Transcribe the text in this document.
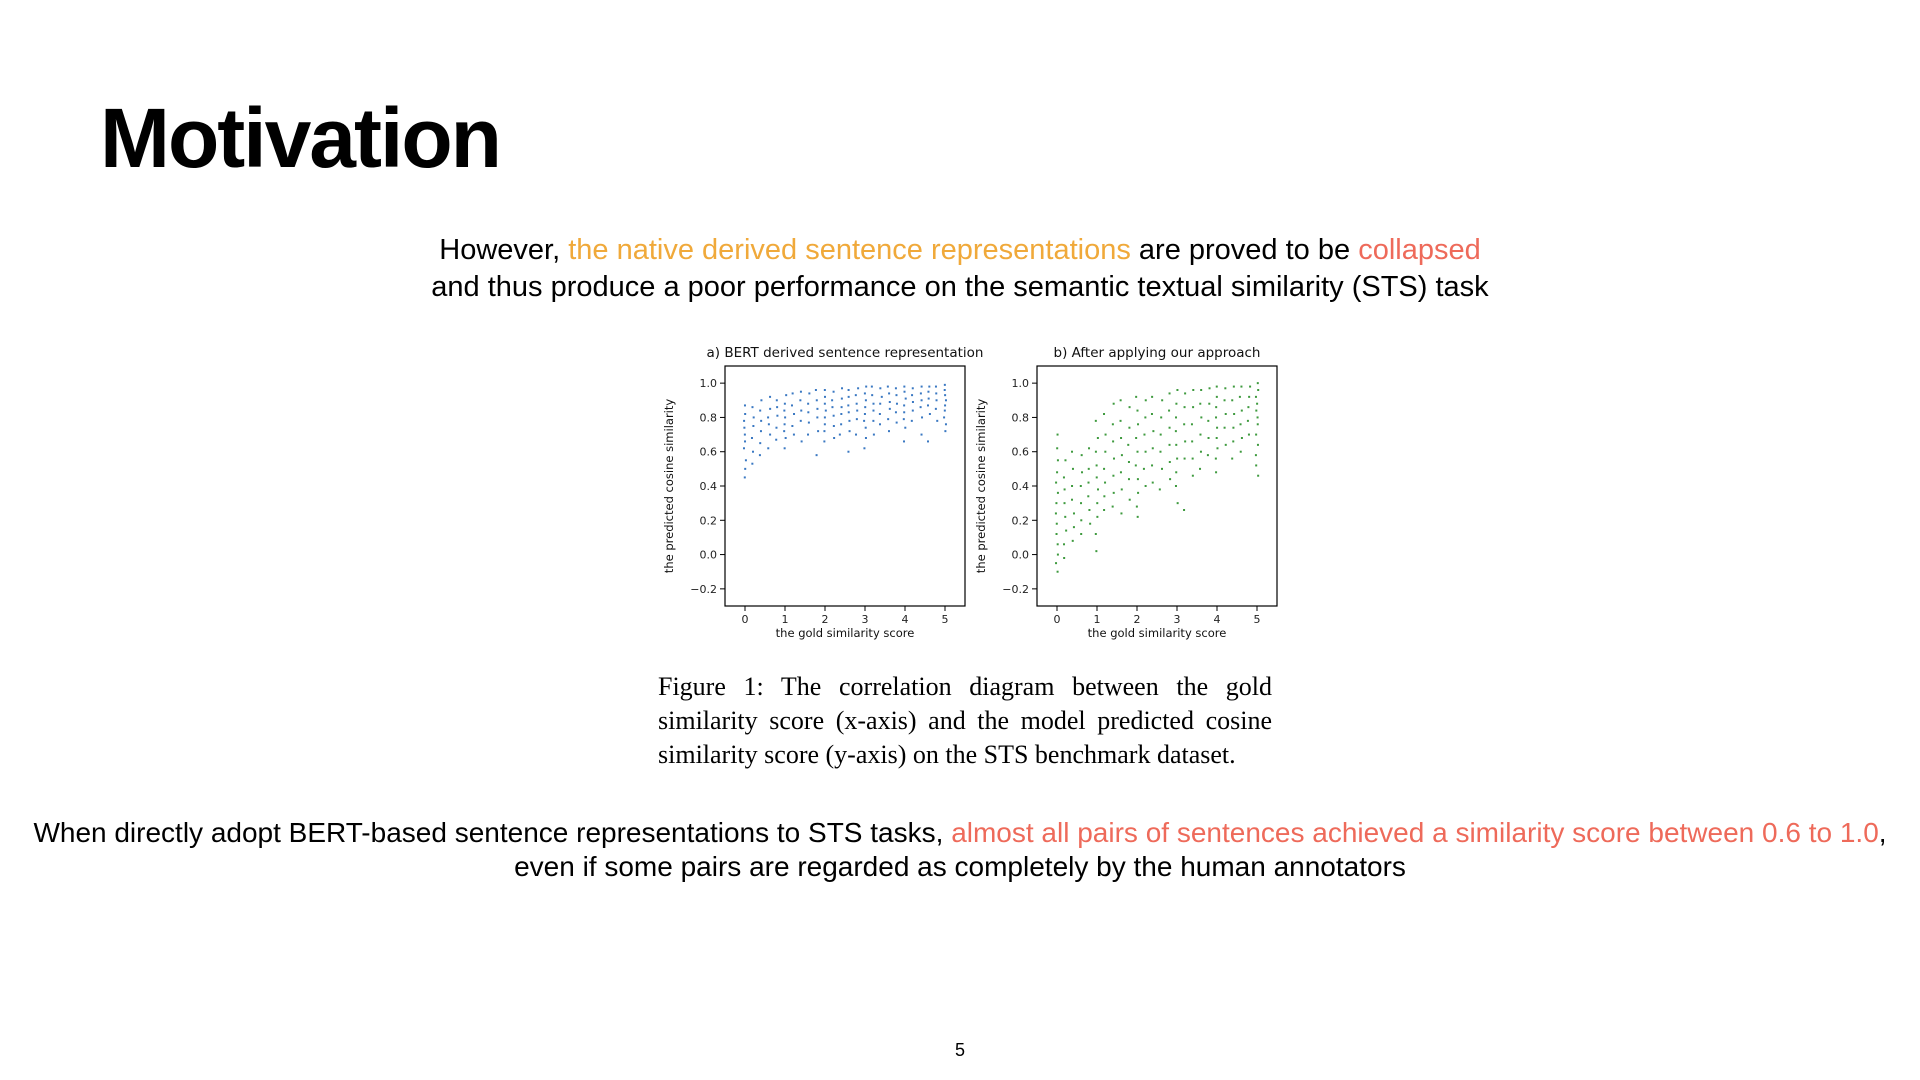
Motivation
However, the native derived sentence representations are proved to be collapsed
and thus produce a poor performance on the semantic textual similarity (STS) task
a) BERT derived sentence representation
0	1	2	3	4	5
−0.2
0.0
0.2
0.4
0.6
0.8
1.0
the gold similarity score
the predicted cosine similarity
b) After applying our approach
0	1	2	3	4	5
−0.2
0.0
0.2
0.4
0.6
0.8
1.0
the gold similarity score
the predicted cosine similarity
Figure 1: The correlation diagram between the gold
similarity score (x-axis) and the model predicted cosine
similarity score (y-axis) on the STS benchmark dataset.
When directly adopt BERT-based sentence representations to STS tasks, almost all pairs of sentences achieved a similarity score between 0.6 to 1.0,
even if some pairs are regarded as completely by the human annotators
5
